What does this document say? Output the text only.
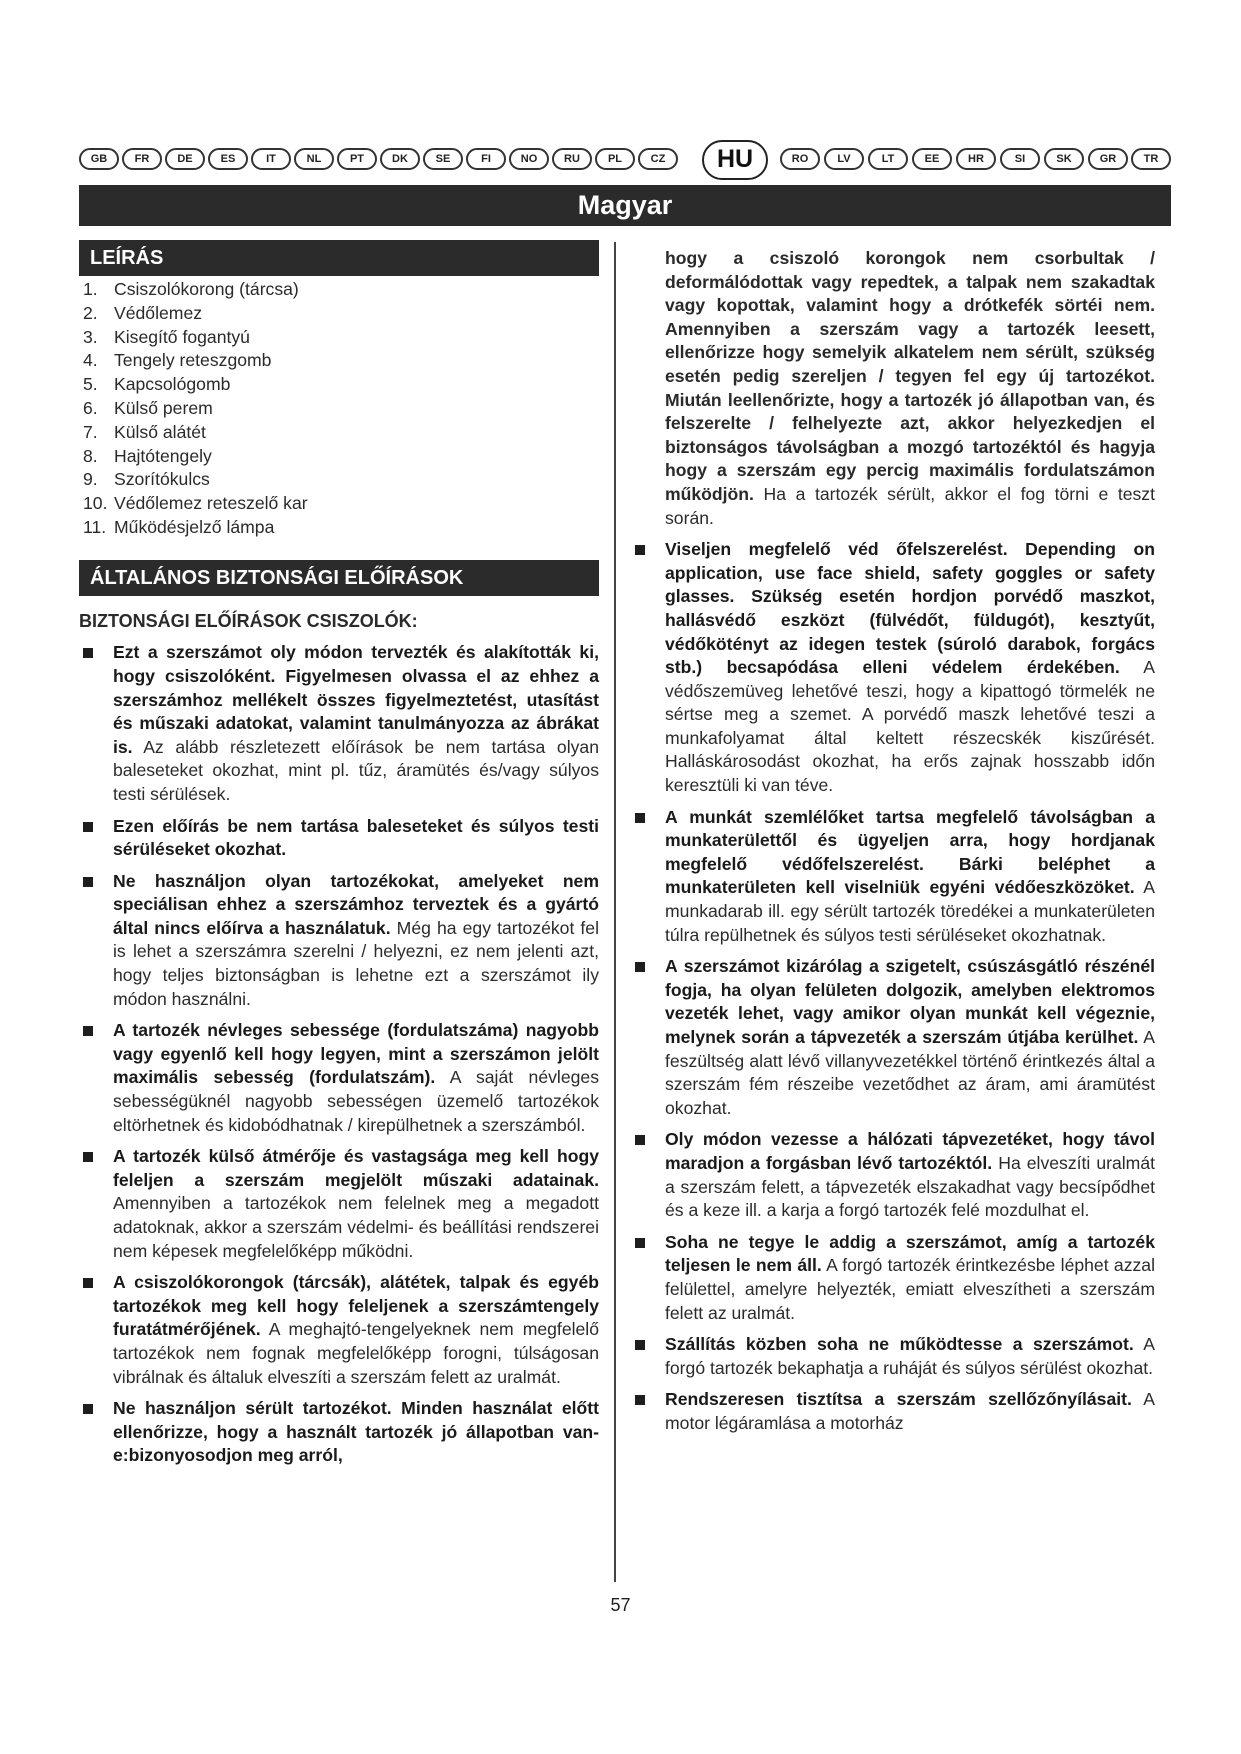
GB	FR	DE	ES	IT	NL	PT	DK	SE	FI	NO	RU	PL	CZ	HU	RO	LV	LT	EE	HR	SI	SK	GR	TR
Magyar
LEÍRÁS
1. Csiszolókorong (tárcsa)
2. Védőlemez
3. Kisegítő fogantyú
4. Tengely reteszgomb
5. Kapcsológomb
6. Külső perem
7. Külső alátét
8. Hajtótengely
9. Szorítókulcs
10. Védőlemez reteszelő kar
11. Működésjelző lámpa
ÁLTALÁNOS BIZTONSÁGI ELŐÍRÁSOK
BIZTONSÁGI ELŐÍRÁSOK CSISZOLÓK:
Ezt a szerszámot oly módon tervezték és alakították ki, hogy csiszolóként. Figyelmesen olvassa el az ehhez a szerszámhoz mellékelt összes figyelmeztetést, utasítást és műszaki adatokat, valamint tanulmányozza az ábrákat is. Az alább részletezett előírások be nem tartása olyan baleseteket okozhat, mint pl. tűz, áramütés és/vagy súlyos testi sérülések.
Ezen előírás be nem tartása baleseteket és súlyos testi sérüléseket okozhat.
Ne használjon olyan tartozékokat, amelyeket nem speciálisan ehhez a szerszámhoz terveztek és a gyártó által nincs előírva a használatuk. Még ha egy tartozékot fel is lehet a szerszámra szerelni / helyezni, ez nem jelenti azt, hogy teljes biztonságban is lehetne ezt a szerszámot ily módon használni.
A tartozék névleges sebessége (fordulatszáma) nagyobb vagy egyenlő kell hogy legyen, mint a szerszámon jelölt maximális sebesség (fordulatszám). A saját névleges sebességüknél nagyobb sebességen üzemelő tartozékok eltörhetnek és kidobódhatnak / kirepülhetnek a szerszámból.
A tartozék külső átmérője és vastagsága meg kell hogy feleljen a szerszám megjelölt műszaki adatainak. Amennyiben a tartozékok nem felelnek meg a megadott adatoknak, akkor a szerszám védelmi- és beállítási rendszerei nem képesek megfelelőképp működni.
A csiszolókorongok (tárcsák), alátétek, talpak és egyéb tartozékok meg kell hogy feleljenek a szerszámtengely furatátmérőjének. A meghajtó-tengelyeknek nem megfelelő tartozékok nem fognak megfelelőképp forogni, túlságosan vibrálnak és általuk elveszíti a szerszám felett az uralmát.
Ne használjon sérült tartozékot. Minden használat előtt ellenőrizze, hogy a használt tartozék jó állapotban van-e:bizonyosodjon meg arról,
hogy a csiszoló korongok nem csorbultak / deformálódottak vagy repedtek, a talpak nem szakadtak vagy kopottak, valamint hogy a drótkefék sörtéi nem. Amennyiben a szerszám vagy a tartozék leesett, ellenőrizze hogy semelyik alkatelem nem sérült, szükség esetén pedig szereljen / tegyen fel egy új tartozékot. Miután leellenőrizte, hogy a tartozék jó állapotban van, és felszerelte / felhelyezte azt, akkor helyezkedjen el biztonságos távolságban a mozgó tartozéktól és hagyja hogy a szerszám egy percig maximális fordulatszámon működjön. Ha a tartozék sérült, akkor el fog törni e teszt során.
Viseljen megfelelő véd őfelszerelést. Depending on application, use face shield, safety goggles or safety glasses. Szükség esetén hordjon porvédő maszkot, hallásvédő eszközt (fülvédőt, füldugót), kesztyűt, védőkötényt az idegen testek (súroló darabok, forgács stb.) becsapódása elleni védelem érdekében. A védőszemüveg lehetővé teszi, hogy a kipattogó törmelék ne sértse meg a szemet. A porvédő maszk lehetővé teszi a munkafolyamat által keltett részecskék kiszűrését. Halláskárosodást okozhat, ha erős zajnak hosszabb időn keresztüli ki van téve.
A munkát szemlélőket tartsa megfelelő távolságban a munkaterülettől és ügyeljen arra, hogy hordjanak megfelelő védőfelszerelést. Bárki beléphet a munkaterületen kell viselniük egyéni védőeszközöket. A munkadarab ill. egy sérült tartozék töredékei a munkaterületen túlra repülhetnek és súlyos testi sérüléseket okozhatnak.
A szerszámot kizárólag a szigetelt, csúszásgátló részénél fogja, ha olyan felületen dolgozik, amelyben elektromos vezeték lehet, vagy amikor olyan munkát kell végeznie, melynek során a tápvezeték a szerszám útjába kerülhet. A feszültség alatt lévő villanyvezetékkel történő érintkezés által a szerszám fém részeibe vezetődhet az áram, ami áramütést okozhat.
Oly módon vezesse a hálózati tápvezetéket, hogy távol maradjon a forgásban lévő tartozéktól. Ha elveszíti uralmát a szerszám felett, a tápvezeték elszakadhat vagy becsípődhet és a keze ill. a karja a forgó tartozék felé mozdulhat el.
Soha ne tegye le addig a szerszámot, amíg a tartozék teljesen le nem áll. A forgó tartozék érintkezésbe léphet azzal felülettel, amelyre helyezték, emiatt elveszítheti a szerszám felett az uralmát.
Szállítás közben soha ne működtesse a szerszámot. A forgó tartozék bekaphatja a ruháját és súlyos sérülést okozhat.
Rendszeresen tisztítsa a szerszám szellőzőnyílásait. A motor légáramlása a motorház
57
